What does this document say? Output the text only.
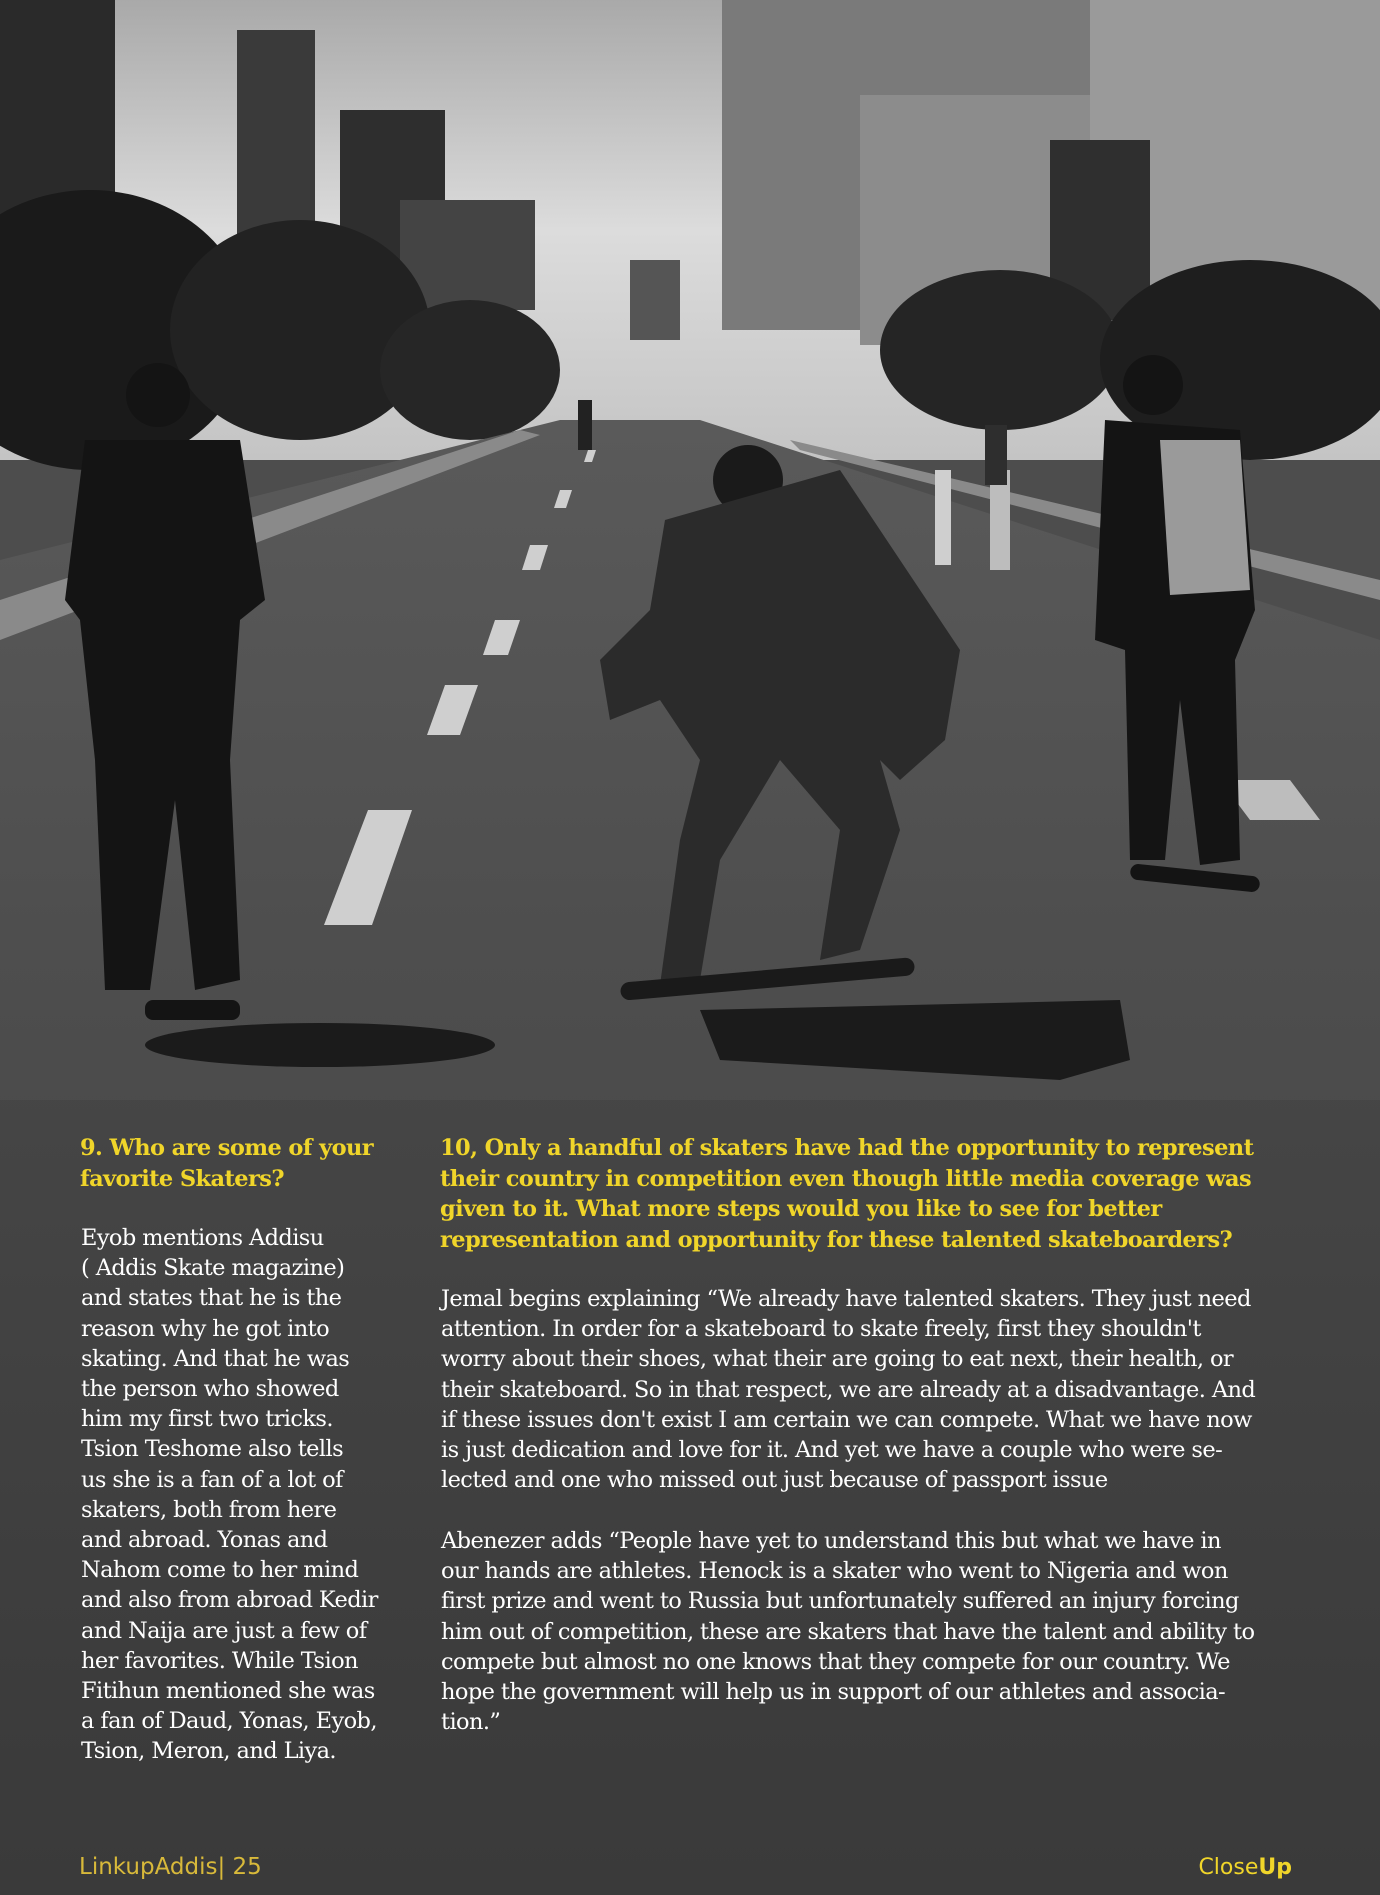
9. Who are some of your favorite Skaters?

Eyob mentions Addisu
( Addis Skate magazine)
and states that he is the
reason why he got into
skating. And that he was
the person who showed
him my first two tricks.
Tsion Teshome also tells
us she is a fan of a lot of
skaters, both from here
and abroad. Yonas and
Nahom come to her mind
and also from abroad Kedir
and Naija are just a few of
her favorites. While Tsion
Fitihun mentioned she was
a fan of Daud, Yonas, Eyob,
Tsion, Meron, and Liya.

10, Only a handful of skaters have had the opportunity to represent their country in competition even though little media coverage was given to it. What more steps would you like to see for better representation and opportunity for these talented skateboarders?

Jemal begins explaining “We already have talented skaters. They just need
attention. In order for a skateboard to skate freely, first they shouldn't
worry about their shoes, what their are going to eat next, their health, or
their skateboard. So in that respect, we are already at a disadvantage. And
if these issues don't exist I am certain we can compete. What we have now
is just dedication and love for it. And yet we have a couple who were se-
lected and one who missed out just because of passport issue
Abenezer adds “People have yet to understand this but what we have in
our hands are athletes. Henock is a skater who went to Nigeria and won
first prize and went to Russia but unfortunately suffered an injury forcing
him out of competition, these are skaters that have the talent and ability to
compete but almost no one knows that they compete for our country. We
hope the government will help us in support of our athletes and associa-
tion.”
LinkupAddis| 25	CloseUp
